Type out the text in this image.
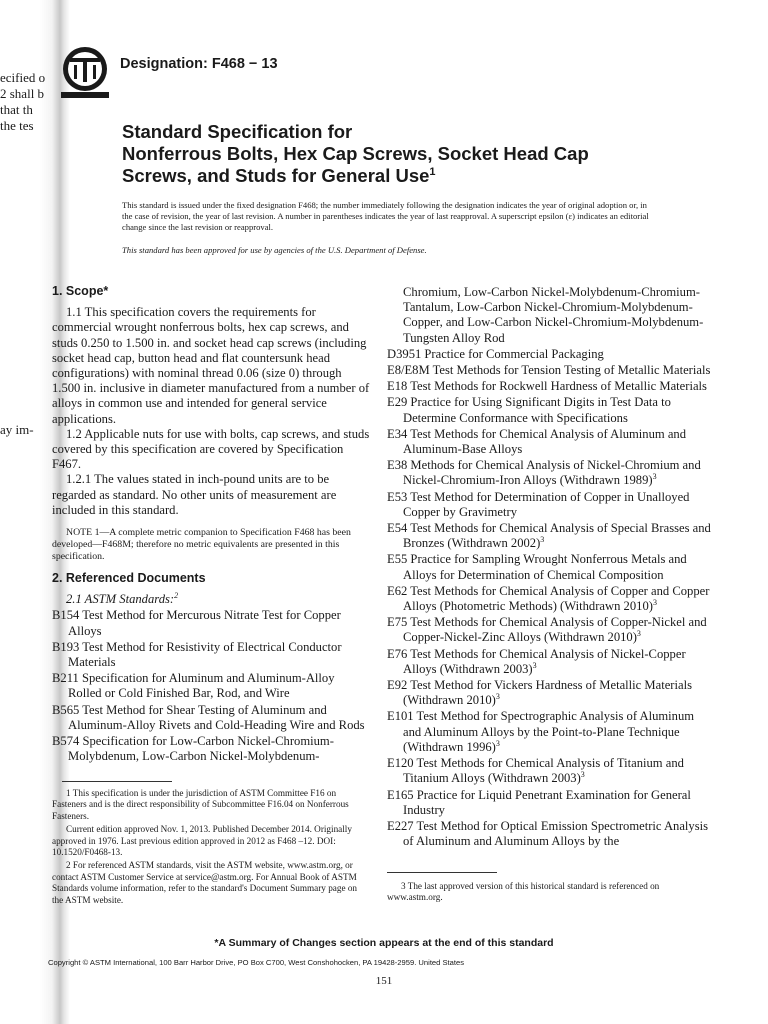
ecified o
2 shall b
that th
the tes
ay im-
Designation: F468 − 13
Standard Specification for
Nonferrous Bolts, Hex Cap Screws, Socket Head Cap
Screws, and Studs for General Use$^1$
This standard is issued under the fixed designation F468; the number immediately following the designation indicates the year of original adoption or, in the case of revision, the year of last revision. A number in parentheses indicates the year of last reapproval. A superscript epsilon (ε) indicates an editorial change since the last revision or reapproval.
This standard has been approved for use by agencies of the U.S. Department of Defense.
1. Scope*

1.1 This specification covers the requirements for commercial wrought nonferrous bolts, hex cap screws, and studs 0.250 to 1.500 in. and socket head cap screws (including socket head cap, button head and flat countersunk head configurations) with nominal thread 0.06 (size 0) through 1.500 in. inclusive in diameter manufactured from a number of alloys in common use and intended for general service applications.

1.2 Applicable nuts for use with bolts, cap screws, and studs covered by this specification are covered by Specification F467.

1.2.1 The values stated in inch-pound units are to be regarded as standard. No other units of measurement are included in this standard.

NOTE 1—A complete metric companion to Specification F468 has been developed—F468M; therefore no metric equivalents are presented in this specification.

2. Referenced Documents

2.1 ASTM Standards:$^2$

B154 Test Method for Mercurous Nitrate Test for Copper Alloys

B193 Test Method for Resistivity of Electrical Conductor Materials

B211 Specification for Aluminum and Aluminum-Alloy Rolled or Cold Finished Bar, Rod, and Wire

B565 Test Method for Shear Testing of Aluminum and Aluminum-Alloy Rivets and Cold-Heading Wire and Rods

B574 Specification for Low-Carbon Nickel-Chromium-Molybdenum, Low-Carbon Nickel-Molybdenum-

Chromium, Low-Carbon Nickel-Molybdenum-Chromium-Tantalum, Low-Carbon Nickel-Chromium-Molybdenum-Copper, and Low-Carbon Nickel-Chromium-Molybdenum-Tungsten Alloy Rod

D3951 Practice for Commercial Packaging

E8/E8M Test Methods for Tension Testing of Metallic Materials

E18 Test Methods for Rockwell Hardness of Metallic Materials

E29 Practice for Using Significant Digits in Test Data to Determine Conformance with Specifications

E34 Test Methods for Chemical Analysis of Aluminum and Aluminum-Base Alloys

E38 Methods for Chemical Analysis of Nickel-Chromium and Nickel-Chromium-Iron Alloys (Withdrawn 1989)$^3$

E53 Test Method for Determination of Copper in Unalloyed Copper by Gravimetry

E54 Test Methods for Chemical Analysis of Special Brasses and Bronzes (Withdrawn 2002)$^3$

E55 Practice for Sampling Wrought Nonferrous Metals and Alloys for Determination of Chemical Composition

E62 Test Methods for Chemical Analysis of Copper and Copper Alloys (Photometric Methods) (Withdrawn 2010)$^3$

E75 Test Methods for Chemical Analysis of Copper-Nickel and Copper-Nickel-Zinc Alloys (Withdrawn 2010)$^3$

E76 Test Methods for Chemical Analysis of Nickel-Copper Alloys (Withdrawn 2003)$^3$

E92 Test Method for Vickers Hardness of Metallic Materials (Withdrawn 2010)$^3$

E101 Test Method for Spectrographic Analysis of Aluminum and Aluminum Alloys by the Point-to-Plane Technique (Withdrawn 1996)$^3$

E120 Test Methods for Chemical Analysis of Titanium and Titanium Alloys (Withdrawn 2003)$^3$

E165 Practice for Liquid Penetrant Examination for General Industry

E227 Test Method for Optical Emission Spectrometric Analysis of Aluminum and Aluminum Alloys by the

1 This specification is under the jurisdiction of ASTM Committee F16 on Fasteners and is the direct responsibility of Subcommittee F16.04 on Nonferrous Fasteners.

Current edition approved Nov. 1, 2013. Published December 2014. Originally approved in 1976. Last previous edition approved in 2012 as F468 –12. DOI: 10.1520/F0468-13.

2 For referenced ASTM standards, visit the ASTM website, www.astm.org, or contact ASTM Customer Service at service@astm.org. For Annual Book of ASTM Standards volume information, refer to the standard's Document Summary page on the ASTM website.

3 The last approved version of this historical standard is referenced on www.astm.org.
*A Summary of Changes section appears at the end of this standard
Copyright © ASTM International, 100 Barr Harbor Drive, PO Box C700, West Conshohocken, PA 19428-2959. United States
151
